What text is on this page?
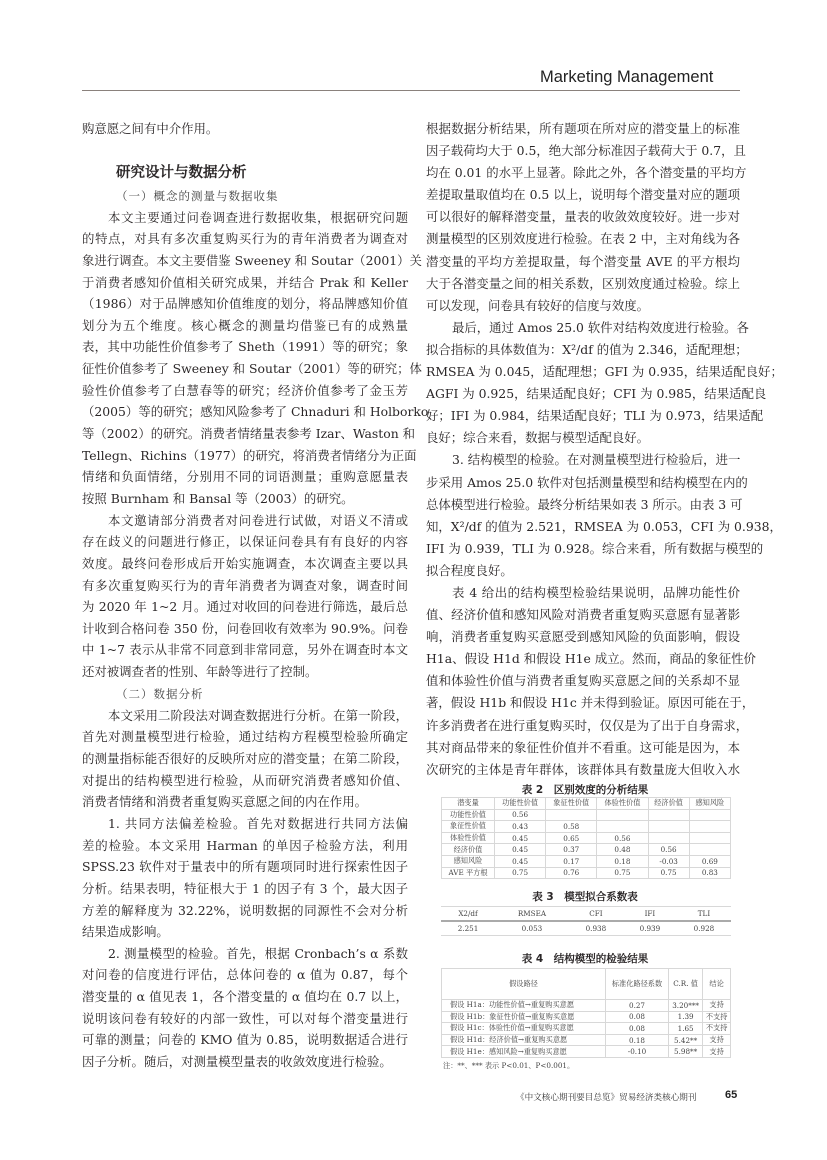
Marketing Management
购意愿之间有中介作用。
研究设计与数据分析
（一）概念的测量与数据收集
本文主要通过问卷调查进行数据收集，根据研究问题
的特点，对具有多次重复购买行为的青年消费者为调查对
象进行调查。本文主要借鉴 Sweeney 和 Soutar（2001）关
于消费者感知价值相关研究成果，并结合 Prak 和 Keller
（1986）对于品牌感知价值维度的划分，将品牌感知价值
划分为五个维度。核心概念的测量均借鉴已有的成熟量
表，其中功能性价值参考了 Sheth（1991）等的研究；象
征性价值参考了 Sweeney 和 Soutar（2001）等的研究；体
验性价值参考了白慧春等的研究；经济价值参考了金玉芳
（2005）等的研究；感知风险参考了 Chnaduri 和 Holborko
等（2002）的研究。消费者情绪量表参考 Izar、Waston 和
Tellegn、Richins（1977）的研究，将消费者情绪分为正面
情绪和负面情绪，分别用不同的词语测量；重购意愿量表
按照 Burnham 和 Bansal 等（2003）的研究。
本文邀请部分消费者对问卷进行试做，对语义不清或
存在歧义的问题进行修正，以保证问卷具有有良好的内容
效度。最终问卷形成后开始实施调查，本次调查主要以具
有多次重复购买行为的青年消费者为调查对象，调查时间
为 2020 年 1~2 月。通过对收回的问卷进行筛选，最后总
计收到合格问卷 350 份，问卷回收有效率为 90.9%。问卷
中 1~7 表示从非常不同意到非常同意，另外在调查时本文
还对被调查者的性别、年龄等进行了控制。
（二）数据分析
本文采用二阶段法对调查数据进行分析。在第一阶段，
首先对测量模型进行检验，通过结构方程模型检验所确定
的测量指标能否很好的反映所对应的潜变量；在第二阶段，
对提出的结构模型进行检验，从而研究消费者感知价值、
消费者情绪和消费者重复购买意愿之间的内在作用。
1. 共同方法偏差检验。首先对数据进行共同方法偏
差的检验。本文采用 Harman 的单因子检验方法，利用
SPSS.23 软件对于量表中的所有题项同时进行探索性因子
分析。结果表明，特征根大于 1 的因子有 3 个，最大因子
方差的解释度为 32.22%，说明数据的同源性不会对分析
结果造成影响。
2. 测量模型的检验。首先，根据 Cronbach’s α 系数
对问卷的信度进行评估，总体问卷的 α 值为 0.87，每个
潜变量的 α 值见表 1，各个潜变量的 α 值均在 0.7 以上，
说明该问卷有较好的内部一致性，可以对每个潜变量进行
可靠的测量；问卷的 KMO 值为 0.85，说明数据适合进行
因子分析。随后，对测量模型量表的收敛效度进行检验。
根据数据分析结果，所有题项在所对应的潜变量上的标准
因子载荷均大于 0.5，绝大部分标准因子载荷大于 0.7，且
均在 0.01 的水平上显著。除此之外，各个潜变量的平均方
差提取量取值均在 0.5 以上，说明每个潜变量对应的题项
可以很好的解释潜变量，量表的收敛效度较好。进一步对
测量模型的区别效度进行检验。在表 2 中，主对角线为各
潜变量的平均方差提取量，每个潜变量 AVE 的平方根均
大于各潜变量之间的相关系数，区别效度通过检验。综上
可以发现，问卷具有较好的信度与效度。
最后，通过 Amos 25.0 软件对结构效度进行检验。各
拟合指标的具体数值为：X²/df 的值为 2.346，适配理想；
RMSEA 为 0.045，适配理想；GFI 为 0.935，结果适配良好；
AGFI 为 0.925，结果适配良好；CFI 为 0.985，结果适配良
好；IFI 为 0.984，结果适配良好；TLI 为 0.973，结果适配
良好；综合来看，数据与模型适配良好。
3. 结构模型的检验。在对测量模型进行检验后，进一
步采用 Amos 25.0 软件对包括测量模型和结构模型在内的
总体模型进行检验。最终分析结果如表 3 所示。由表 3 可
知，X²/df 的值为 2.521，RMSEA 为 0.053，CFI 为 0.938，
IFI 为 0.939，TLI 为 0.928。综合来看，所有数据与模型的
拟合程度良好。
表 4 给出的结构模型检验结果说明，品牌功能性价
值、经济价值和感知风险对消费者重复购买意愿有显著影
响，消费者重复购买意愿受到感知风险的负面影响，假设
H1a、假设 H1d 和假设 H1e 成立。然而，商品的象征性价
值和体验性价值与消费者重复购买意愿之间的关系却不显
著，假设 H1b 和假设 H1c 并未得到验证。原因可能在于，
许多消费者在进行重复购买时，仅仅是为了出于自身需求，
其对商品带来的象征性价值并不看重。这可能是因为，本
次研究的主体是青年群体，该群体具有数量庞大但收入水
表 2　区别效度的分析结果
潜变量	功能性价值	象征性价值	体验性价值	经济价值	感知风险
功能性价值	0.56				
象征性价值	0.43	0.58			
体验性价值	0.45	0.65	0.56		
经济价值	0.45	0.37	0.48	0.56	
感知风险	0.45	0.17	0.18	-0.03	0.69
AVE 平方根	0.75	0.76	0.75	0.75	0.83
表 3　模型拟合系数表
X2/df	RMSEA	CFI	IFI	TLI
2.251	0.053	0.938	0.939	0.928
表 4　结构模型的检验结果
假设路径	标准化路径系数	C.R. 值	结论
假设 H1a：功能性价值→重复购买意愿	0.27	3.20***	支持
假设 H1b：象征性价值→重复购买意愿	0.08	1.39	不支持
假设 H1c：体验性价值→重复购买意愿	0.08	1.65	不支持
假设 H1d：经济价值→重复购买意愿	0.18	5.42**	支持
假设 H1e：感知风险→重复购买意愿	-0.10	5.98**	支持
注：**、*** 表示 P<0.01、P<0.001。
《中文核心期刊要目总览》贸易经济类核心期刊	65
